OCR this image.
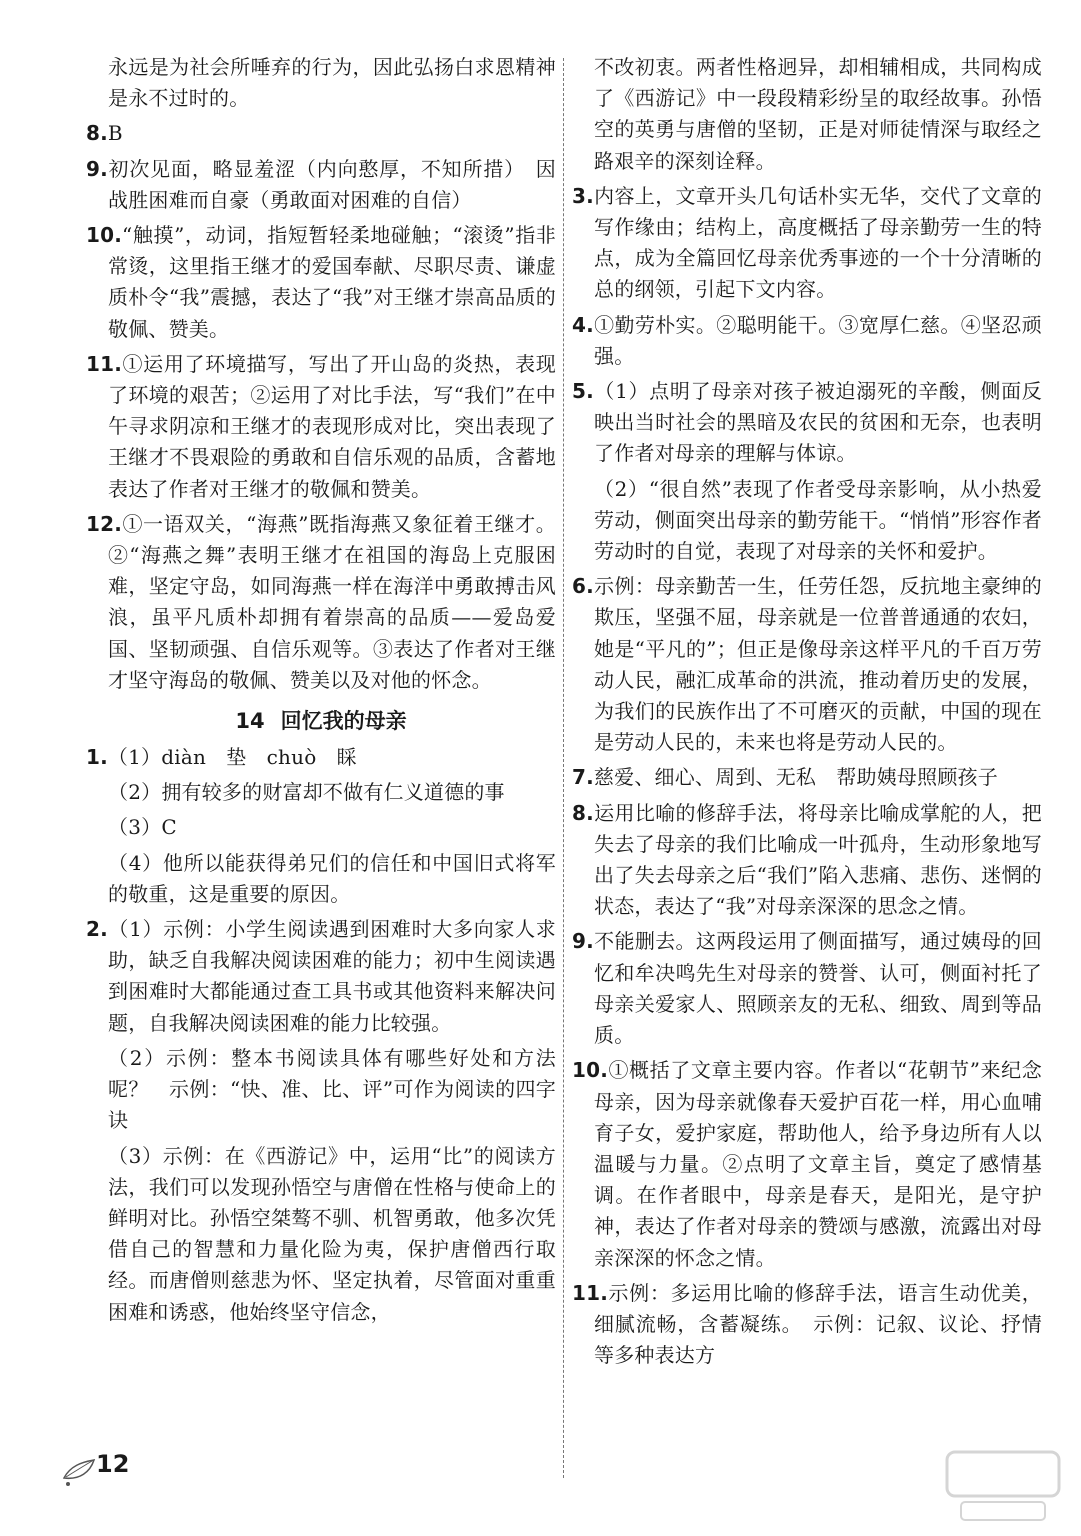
永远是为社会所唾弃的行为，因此弘扬白求恩精神是永不过时的。

8.B

9.初次见面，略显羞涩（内向憨厚，不知所措）　因战胜困难而自豪（勇敢面对困难的自信）

10.“触摸”，动词，指短暂轻柔地碰触；“滚烫”指非常烫，这里指王继才的爱国奉献、尽职尽责、谦虚质朴令“我”震撼，表达了“我”对王继才崇高品质的敬佩、赞美。

11.①运用了环境描写，写出了开山岛的炎热，表现了环境的艰苦；②运用了对比手法，写“我们”在中午寻求阴凉和王继才的表现形成对比，突出表现了王继才不畏艰险的勇敢和自信乐观的品质，含蓄地表达了作者对王继才的敬佩和赞美。

12.①一语双关，“海燕”既指海燕又象征着王继才。②“海燕之舞”表明王继才在祖国的海岛上克服困难，坚定守岛，如同海燕一样在海洋中勇敢搏击风浪，虽平凡质朴却拥有着崇高的品质——爱岛爱国、坚韧顽强、自信乐观等。③表达了作者对王继才坚守海岛的敬佩、赞美以及对他的怀念。

14 回忆我的母亲

1.（1）diàn　垫　chuò　睬

（2）拥有较多的财富却不做有仁义道德的事

（3）C

（4）他所以能获得弟兄们的信任和中国旧式将军的敬重，这是重要的原因。

2.（1）示例：小学生阅读遇到困难时大多向家人求助，缺乏自我解决阅读困难的能力；初中生阅读遇到困难时大都能通过查工具书或其他资料来解决问题，自我解决阅读困难的能力比较强。

（2）示例：整本书阅读具体有哪些好处和方法呢？　示例：“快、准、比、评”可作为阅读的四字诀

（3）示例：在《西游记》中，运用“比”的阅读方法，我们可以发现孙悟空与唐僧在性格与使命上的鲜明对比。孙悟空桀骜不驯、机智勇敢，他多次凭借自己的智慧和力量化险为夷，保护唐僧西行取经。而唐僧则慈悲为怀、坚定执着，尽管面对重重困难和诱惑，他始终坚守信念，

不改初衷。两者性格迥异，却相辅相成，共同构成了《西游记》中一段段精彩纷呈的取经故事。孙悟空的英勇与唐僧的坚韧，正是对师徒情深与取经之路艰辛的深刻诠释。

3.内容上，文章开头几句话朴实无华，交代了文章的写作缘由；结构上，高度概括了母亲勤劳一生的特点，成为全篇回忆母亲优秀事迹的一个十分清晰的总的纲领，引起下文内容。

4.①勤劳朴实。②聪明能干。③宽厚仁慈。④坚忍顽强。

5.（1）点明了母亲对孩子被迫溺死的辛酸，侧面反映出当时社会的黑暗及农民的贫困和无奈，也表明了作者对母亲的理解与体谅。

（2）“很自然”表现了作者受母亲影响，从小热爱劳动，侧面突出母亲的勤劳能干。“悄悄”形容作者劳动时的自觉，表现了对母亲的关怀和爱护。

6.示例：母亲勤苦一生，任劳任怨，反抗地主豪绅的欺压，坚强不屈，母亲就是一位普普通通的农妇，她是“平凡的”；但正是像母亲这样平凡的千百万劳动人民，融汇成革命的洪流，推动着历史的发展，为我们的民族作出了不可磨灭的贡献，中国的现在是劳动人民的，未来也将是劳动人民的。

7.慈爱、细心、周到、无私　帮助姨母照顾孩子

8.运用比喻的修辞手法，将母亲比喻成掌舵的人，把失去了母亲的我们比喻成一叶孤舟，生动形象地写出了失去母亲之后“我们”陷入悲痛、悲伤、迷惘的状态，表达了“我”对母亲深深的思念之情。

9.不能删去。这两段运用了侧面描写，通过姨母的回忆和牟决鸣先生对母亲的赞誉、认可，侧面衬托了母亲关爱家人、照顾亲友的无私、细致、周到等品质。

10.①概括了文章主要内容。作者以“花朝节”来纪念母亲，因为母亲就像春天爱护百花一样，用心血哺育子女，爱护家庭，帮助他人，给予身边所有人以温暖与力量。②点明了文章主旨，奠定了感情基调。在作者眼中，母亲是春天，是阳光，是守护神，表达了作者对母亲的赞颂与感激，流露出对母亲深深的怀念之情。

11.示例：多运用比喻的修辞手法，语言生动优美，细腻流畅，含蓄凝练。　示例：记叙、议论、抒情等多种表达方

12
